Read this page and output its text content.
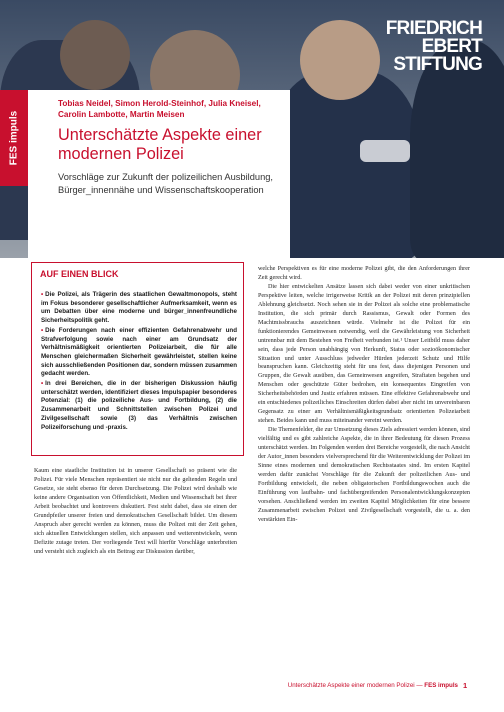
FRIEDRICH
EBERT
STIFTUNG
FES impuls
Tobias Neidel, Simon Herold-Steinhof, Julia Kneisel, Carolin Lambotte, Martin Meisen
Unterschätzte Aspekte einer modernen Polizei
Vorschläge zur Zukunft der polizeilichen Ausbildung, Bürger_innennähe und Wissenschaftskooperation
AUF EINEN BLICK

• Die Polizei, als Trägerin des staatlichen Gewaltmonopols, steht im Fokus besonderer gesellschaftlicher Aufmerksamkeit, wenn es um Debatten über eine moderne und bürger_innenfreundliche Sicherheitspolitik geht.

• Die Forderungen nach einer effizienten Gefahrenabwehr und Strafverfolgung sowie nach einer am Grundsatz der Verhältnismäßigkeit orientierten Polizeiarbeit, die für alle Menschen gleichermaßen Sicherheit gewährleistet, stellen keine sich ausschließenden Positionen dar, sondern müssen zusammen gedacht werden.

• In drei Bereichen, die in der bisherigen Diskussion häufig unterschätzt werden, identifiziert dieses Impulspapier besonderes Potenzial: (1) die polizeiliche Aus- und Fortbildung, (2) die Zusammenarbeit und Schnittstellen zwischen Polizei und Zivilgesellschaft sowie (3) das Verhältnis zwischen Polizeiforschung und -praxis.

Kaum eine staatliche Institution ist in unserer Gesellschaft so präsent wie die Polizei. Für viele Menschen repräsentiert sie nicht nur die geltenden Regeln und Gesetze, sie steht ebenso für deren Durchsetzung. Die Polizei wird deshalb wie keine andere Organisation von Öffentlichkeit, Medien und Wissenschaft bei ihrer Arbeit beobachtet und kontrovers diskutiert. Fest steht dabei, dass sie einen der Grundpfeiler unserer freien und demokratischen Gesellschaft bildet. Um diesem Anspruch aber gerecht werden zu können, muss die Polizei mit der Zeit gehen, sich aktuellen Entwicklungen stellen, sich anpassen und weiterentwickeln, wenn Defizite zutage treten. Der vorliegende Text will hierfür Vorschläge unterbreiten und versteht sich zugleich als ein Beitrag zur Diskussion darüber,

welche Perspektiven es für eine moderne Polizei gibt, die den Anforderungen ihrer Zeit gerecht wird.

Die hier entwickelten Ansätze lassen sich dabei weder von einer unkritischen Perspektive leiten, welche irrigerweise Kritik an der Polizei mit deren prinzipiellen Ablehnung gleichsetzt. Noch sehen sie in der Polizei als solche eine problematische Institution, die sich primär durch Rassismus, Gewalt oder Formen des Machtmissbrauchs auszeichnen würde. Vielmehr ist die Polizei für ein funktionierendes Gemeinwesen notwendig, weil die Gewährleistung von Sicherheit untrennbar mit dem Bestehen von Freiheit verbunden ist.¹ Unser Leitbild muss daher sein, dass jede Person unabhängig von Herkunft, Status oder sozioökonomischer Situation und unter Ausschluss jedweder Hürden jederzeit Schutz und Hilfe beanspruchen kann. Gleichzeitig steht für uns fest, dass diejenigen Personen und Gruppen, die Gewalt ausüben, das Gemeinwesen angreifen, Straftaten begehen und Menschen oder geschützte Güter bedrohen, ein konsequentes Eingreifen von Sicherheitsbehörden und Justiz erfahren müssen. Eine effektive Gefahrenabwehr und ein entschiedenes polizeiliches Einschreiten dürfen dabei aber nicht im unvereinbaren Gegensatz zu einer am Verhältnismäßigkeitsgrundsatz orientierten Polizeiarbeit stehen. Beides kann und muss miteinander vereint werden.

Die Themenfelder, die zur Umsetzung dieses Ziels adressiert werden können, sind vielfältig und es gibt zahlreiche Aspekte, die in ihrer Bedeutung für diesen Prozess unterschätzt werden. Im Folgenden werden drei Bereiche vorgestellt, die nach Ansicht der Autor_innen besonders vielversprechend für die Weiterentwicklung der Polizei im Sinne eines modernen und demokratischen Rechtsstaates sind. Im ersten Kapitel werden dafür zunächst Vorschläge für die Zukunft der polizeilichen Aus- und Fortbildung entwickelt, die neben obligatorischen Fortbildungswochen auch die Einführung von laufbahn- und fachübergreifenden Personalentwicklungskonzepten vorsehen. Anschließend werden im zweiten Kapitel Möglichkeiten für eine bessere Zusammenarbeit zwischen Polizei und Zivilgesellschaft vorgestellt, die u. a. den verstärkten Ein-

Unterschätzte Aspekte einer modernen Polizei — FES impuls 1
